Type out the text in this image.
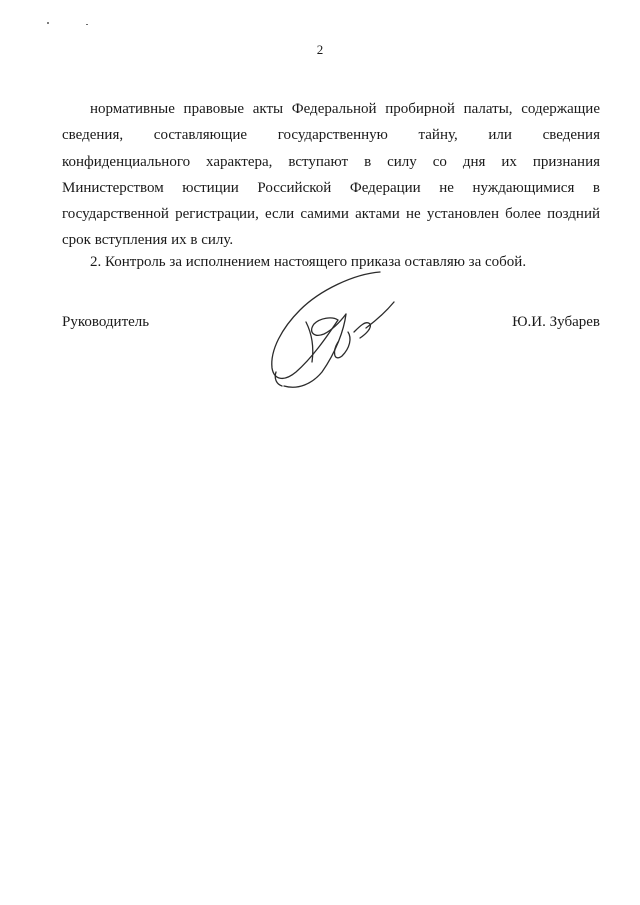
2
нормативные правовые акты Федеральной пробирной палаты, содержащие
сведения, составляющие государственную тайну, или сведения
конфиденциального характера, вступают в силу со дня их признания
Министерством юстиции Российской Федерации не нуждающимися в
государственной регистрации, если самими актами не установлен более поздний
срок вступления их в силу.
2. Контроль за исполнением настоящего приказа оставляю за собой.
Руководитель	Ю.И. Зубарев
